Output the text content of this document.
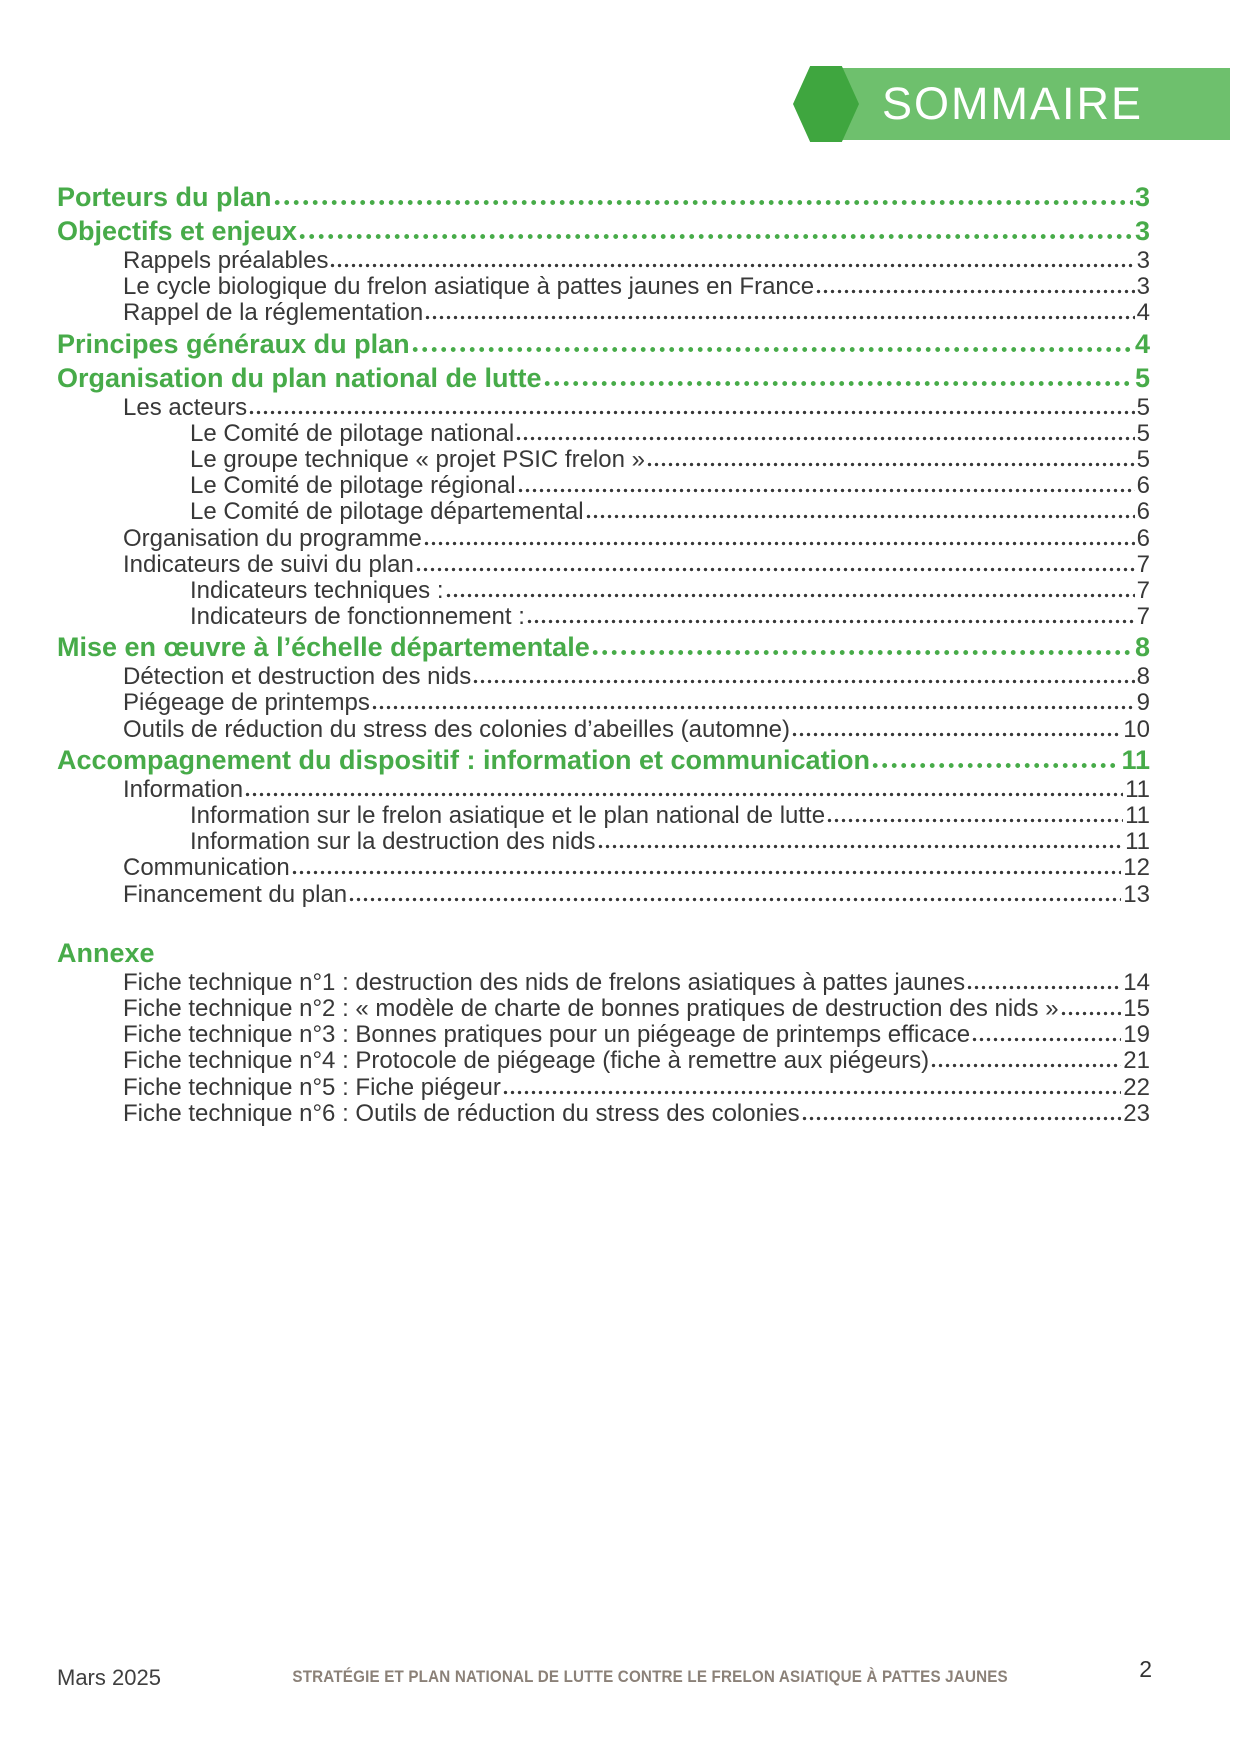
SOMMAIRE
Porteurs du plan	3
Objectifs et enjeux	3
Rappels préalables	3
Le cycle biologique du frelon asiatique à pattes jaunes en France	3
Rappel de la réglementation	4
Principes généraux du plan	4
Organisation du plan national de lutte	5
Les acteurs	5
Le Comité de pilotage national	5
Le groupe technique « projet PSIC frelon »	5
Le Comité de pilotage régional	6
Le Comité de pilotage départemental	6
Organisation du programme	6
Indicateurs de suivi du plan	7
Indicateurs techniques :	7
Indicateurs de fonctionnement :	7
Mise en œuvre à l’échelle départementale	8
Détection et destruction des nids	8
Piégeage de printemps	9
Outils de réduction du stress des colonies d’abeilles (automne)	10
Accompagnement du dispositif : information et communication	11
Information	11
Information sur le frelon asiatique et le plan national de lutte	11
Information sur la destruction des nids	11
Communication	12
Financement du plan	13
Annexe
Fiche technique n°1 : destruction des nids de frelons asiatiques à pattes jaunes	14
Fiche technique n°2 : « modèle de charte de bonnes pratiques de destruction des nids »	15
Fiche technique n°3 : Bonnes pratiques pour un piégeage de printemps efficace	19
Fiche technique n°4 : Protocole de piégeage (fiche à remettre aux piégeurs)	21
Fiche technique n°5 : Fiche piégeur	22
Fiche technique n°6 : Outils de réduction du stress des colonies	23
Mars 2025	STRATÉGIE ET PLAN NATIONAL DE LUTTE CONTRE LE FRELON ASIATIQUE À PATTES JAUNES	2
